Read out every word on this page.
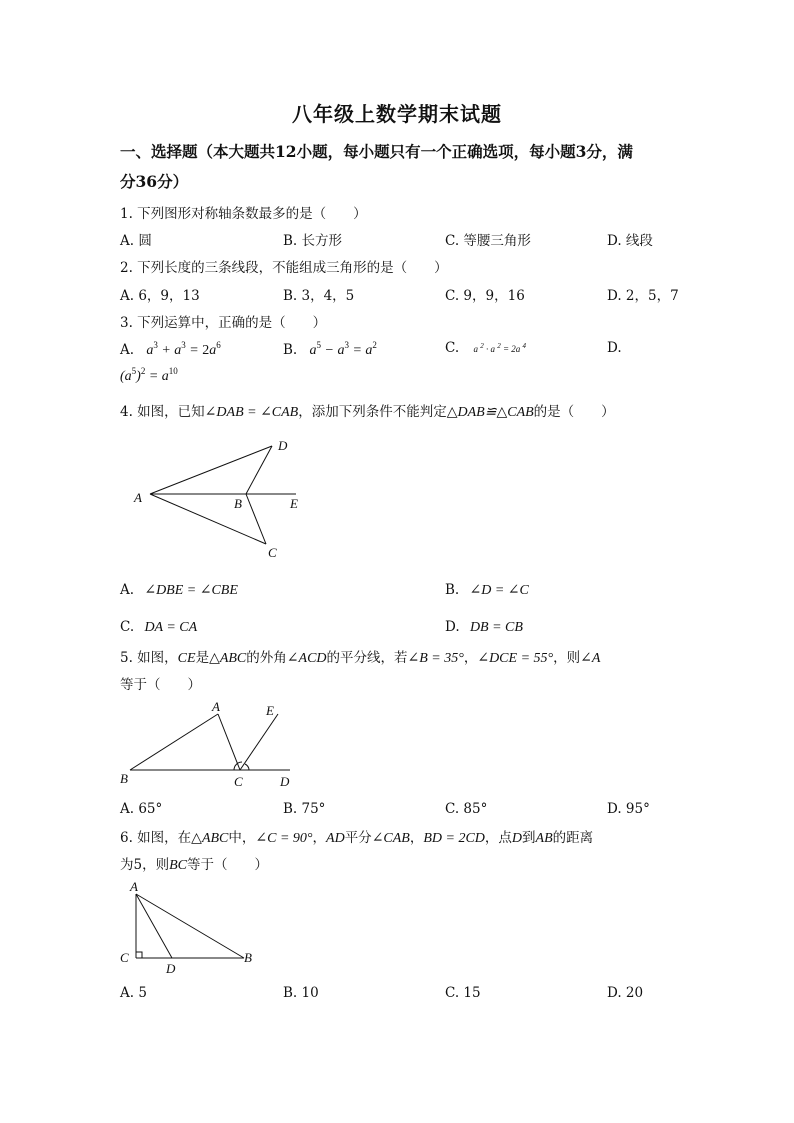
八年级上数学期末试题
一、选择题（本大题共12小题，每小题只有一个正确选项，每小题3分，满
分36分）
1. 下列图形对称轴条数最多的是（　　）
A. 圆	B. 长方形	C. 等腰三角形	D. 线段
2. 下列长度的三条线段，不能组成三角形的是（　　）
A. 6，9，13	B. 3，4，5	C. 9，9，16	D. 2，5，7
3. 下列运算中，正确的是（　　）
A. $a^3 + a^3 = 2a^6$	B. $a^5 - a^3 = a^2$	C. a $^2$ · a $^2$ = 2a $^4$	D.
$(a^5)^2 = a^{10}$
4. 如图，已知∠DAB = ∠CAB，添加下列条件不能判定△DAB≌△CAB的是（　　）
A	B
C
D
E
A. ∠DBE = ∠CBE	B. ∠D = ∠C
C. DA = CA	D. DB = CB
5. 如图，CE是△ABC的外角∠ACD的平分线，若∠B = 35°，∠DCE = 55°，则∠A
等于（　　）
A	E
B	C	D
A. 65°	B. 75°	C. 85°	D. 95°
6. 如图，在△ABC中，∠C = 90°，AD平分∠CAB，BD = 2CD，点D到AB的距离
为5，则BC等于（　　）
A
C
D
B
A. 5	B. 10	C. 15	D. 20
